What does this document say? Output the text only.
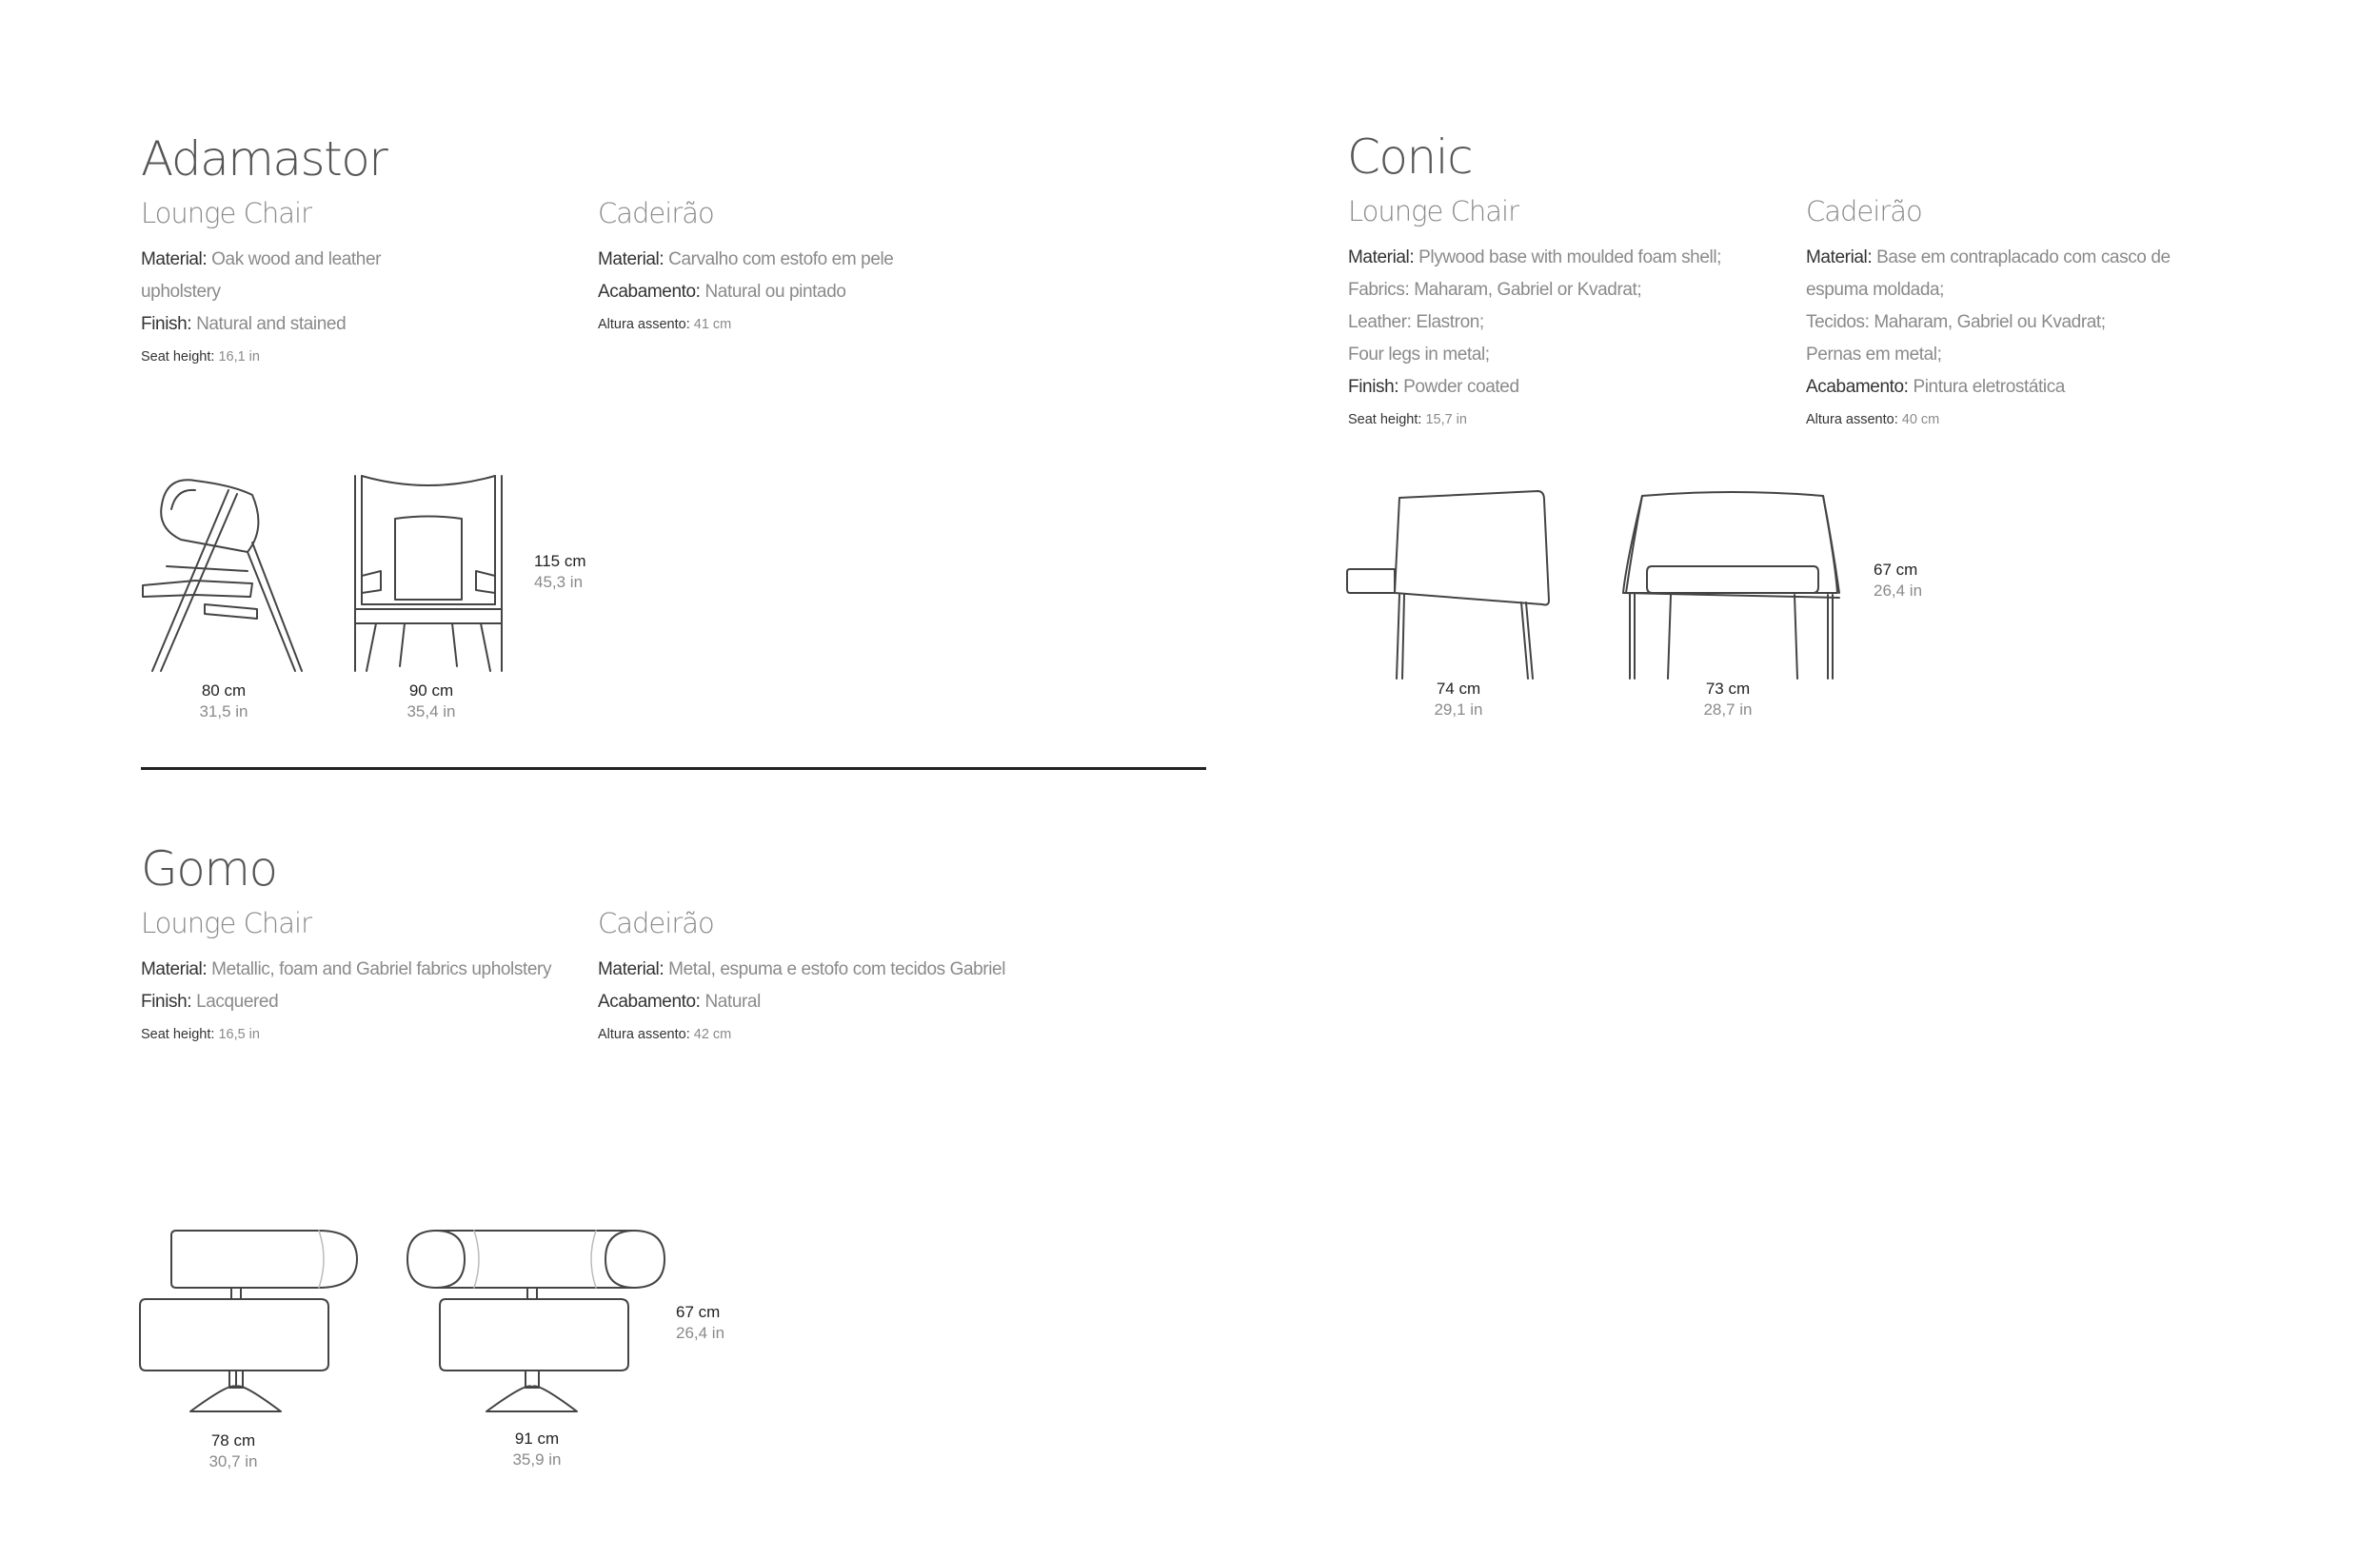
Adamastor
Lounge Chair
Material: Oak wood and leather
upholstery
Finish: Natural and stained
Seat height: 16,1 in
Cadeirão
Material: Carvalho com estofo em pele
Acabamento: Natural ou pintado
Altura assento: 41 cm
80 cm
31,5 in
90 cm
35,4 in
115 cm
45,3 in
Conic
Lounge Chair
Material: Plywood base with moulded foam shell;
Fabrics: Maharam, Gabriel or Kvadrat;
Leather: Elastron;
Four legs in metal;
Finish: Powder coated
Seat height: 15,7 in
Cadeirão
Material: Base em contraplacado com casco de
espuma moldada;
Tecidos: Maharam, Gabriel ou Kvadrat;
Pernas em metal;
Acabamento: Pintura eletrostática
Altura assento: 40 cm
74 cm
29,1 in
73 cm
28,7 in
67 cm
26,4 in
Gomo
Lounge Chair
Material: Metallic, foam and Gabriel fabrics upholstery
Finish: Lacquered
Seat height: 16,5 in
Cadeirão
Material: Metal, espuma e estofo com tecidos Gabriel
Acabamento: Natural
Altura assento: 42 cm
78 cm
30,7 in
91 cm
35,9 in
67 cm
26,4 in
